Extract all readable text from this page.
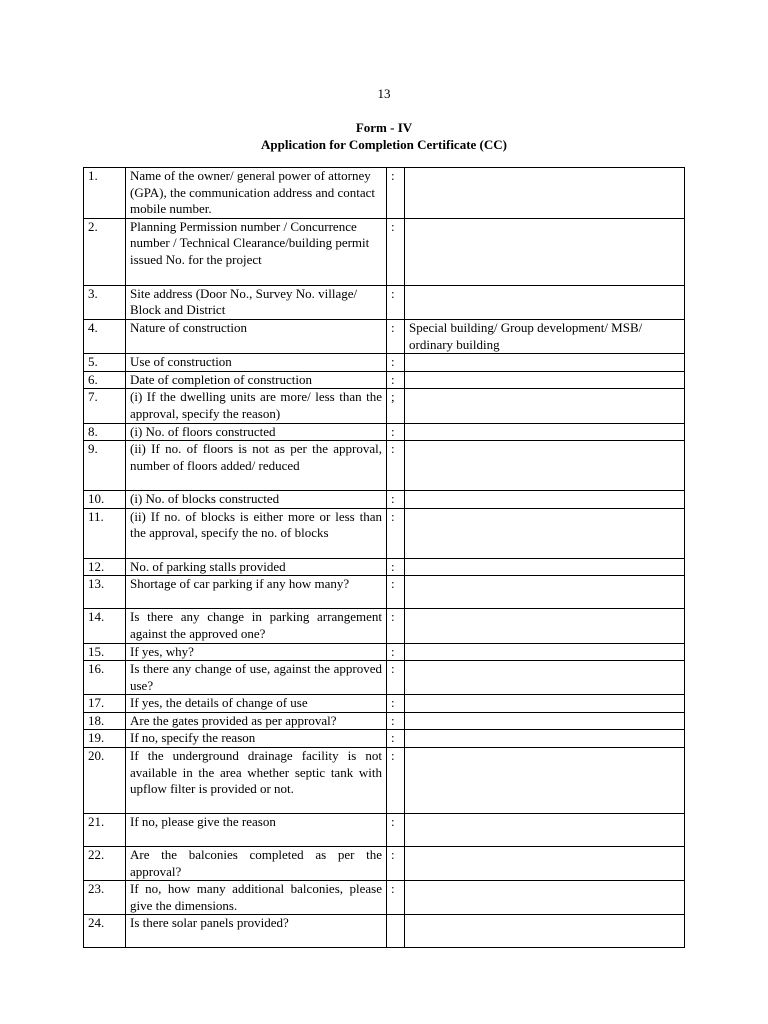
13
Form - IV
Application for Completion Certificate (CC)
1.	Name of the owner/ general power of attorney (GPA), the communication address and contact mobile number.	:	
2.	Planning Permission number / Concurrence number / Technical Clearance/building permit issued No. for the project	:	
3.	Site address (Door No., Survey No. village/ Block and District	:	
4.	Nature of construction	:	Special building/ Group development/ MSB/ ordinary building
5.	Use of construction	:	
6.	Date of completion of construction	:	
7.	(i) If the dwelling units are more/ less than the approval, specify the reason)	;	
8.	(i) No. of floors constructed	:	
9.	(ii) If no. of floors is not as per the approval, number of floors added/ reduced	:	
10.	(i) No. of blocks constructed	:	
11.	(ii) If no. of blocks is either more or less than the approval, specify the no. of blocks	:	
12.	No. of parking stalls provided	:	
13.	Shortage of car parking if any how many?	:	
14.	Is there any change in parking arrangement against the approved one?	:	
15.	If yes, why?	:	
16.	Is there any change of use, against the approved use?	:	
17.	If yes, the details of change of use	:	
18.	Are the gates provided as per approval?	:	
19.	If no, specify the reason	:	
20.	If the underground drainage facility is not available in the area whether septic tank with upflow filter is provided or not.	:	
21.	If no, please give the reason	:	
22.	Are the balconies completed as per the approval?	:	
23.	If no, how many additional balconies, please give the dimensions.	:	
24.	Is there solar panels provided?		
